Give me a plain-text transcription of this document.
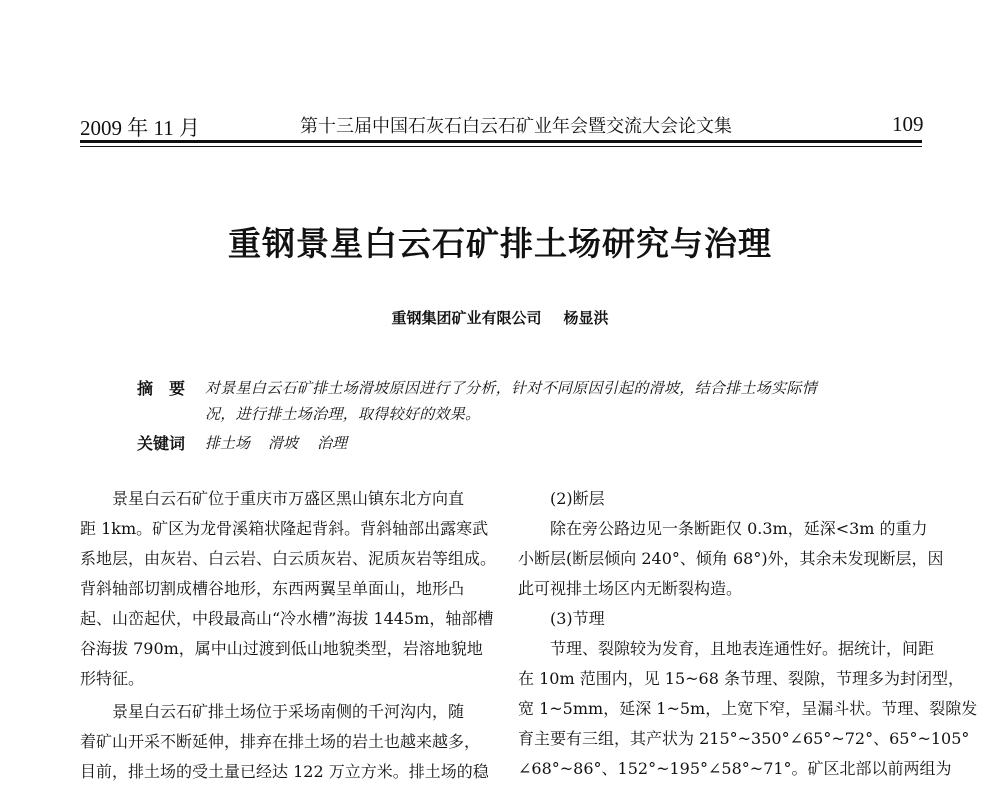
2009 年 11 月	第十三届中国石灰石白云石矿业年会暨交流大会论文集	109
重钢景星白云石矿排土场研究与治理
重钢集团矿业有限公司 杨显洪
摘　要 对景星白云石矿排土场滑坡原因进行了分析，针对不同原因引起的滑坡，结合排土场实际情
况，进行排土场治理，取得较好的效果。
关键词 排土场 滑坡 治理
景星白云石矿位于重庆市万盛区黑山镇东北方向直
距 1km。矿区为龙骨溪箱状隆起背斜。背斜轴部出露寒武
系地层，由灰岩、白云岩、白云质灰岩、泥质灰岩等组成。
背斜轴部切割成槽谷地形，东西两翼呈单面山，地形凸
起、山峦起伏，中段最高山“冷水槽”海拔 1445m，轴部槽
谷海拔 790m，属中山过渡到低山地貌类型，岩溶地貌地
形特征。
景星白云石矿排土场位于采场南侧的千河沟内，随
着矿山开采不断延伸，排弃在排土场的岩土也越来越多，
目前，排土场的受土量已经达 122 万立方米。排土场的稳
(2)断层
除在旁公路边见一条断距仅 0.3m，延深<3m 的重力
小断层(断层倾向 240°、倾角 68°)外，其余未发现断层，因
此可视排土场区内无断裂构造。
(3)节理
节理、裂隙较为发育，且地表连通性好。据统计，间距
在 10m 范围内，见 15~68 条节理、裂隙，节理多为封闭型，
宽 1~5mm，延深 1~5m，上宽下窄，呈漏斗状。节理、裂隙发
育主要有三组，其产状为 215°~350°∠65°~72°、65°~105°
∠68°~86°、152°~195°∠58°~71°。矿区北部以前两组为
